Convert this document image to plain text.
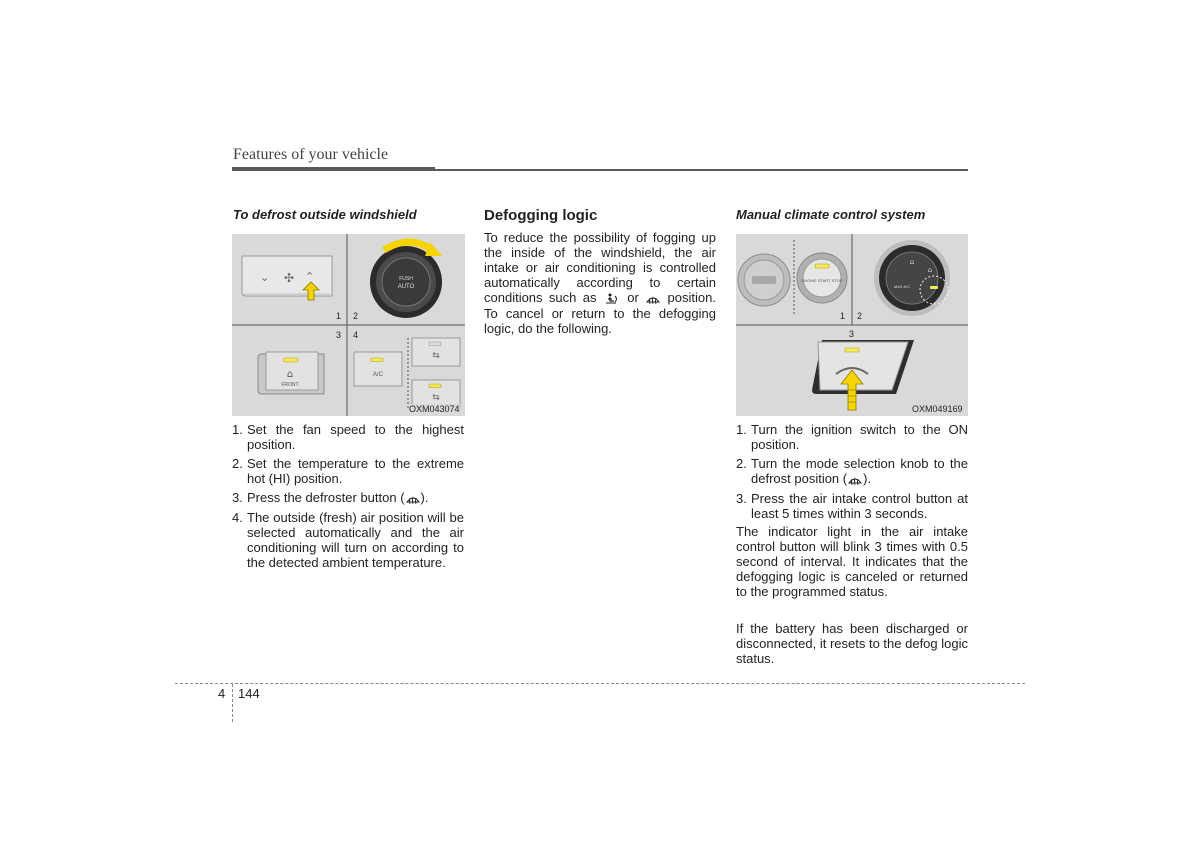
Features of your vehicle
To defrost outside windshield
⌄ ✣ ⌃	FUSH
AUTO
1 2
3 4
⌂
FRONT
A/C
⇆
⇆
OXM043074
1. Set the fan speed to the highest position.
2. Set the temperature to the extreme hot (HI) position.
3. Press the defroster button ( ).
4. The outside (fresh) air position will be selected automatically and the air conditioning will turn on according to the detected ambient temperature.
Defogging logic
To reduce the possibility of fogging up the inside of the windshield, the air intake or air conditioning is controlled automatically according to certain conditions such as or position. To cancel or return to the defogging logic, do the following.
Manual climate control system
ENGINE START STOP
MAX A/C
⌂
⌂
1 2
3
OXM049169
1. Turn the ignition switch to the ON position.
2. Turn the mode selection knob to the defrost position ( ).
3. Press the air intake control button at least 5 times within 3 seconds.
The indicator light in the air intake control button will blink 3 times with 0.5 second of interval. It indicates that the defogging logic is canceled or returned to the programmed status.
If the battery has been discharged or disconnected, it resets to the defog logic status.
4 144
